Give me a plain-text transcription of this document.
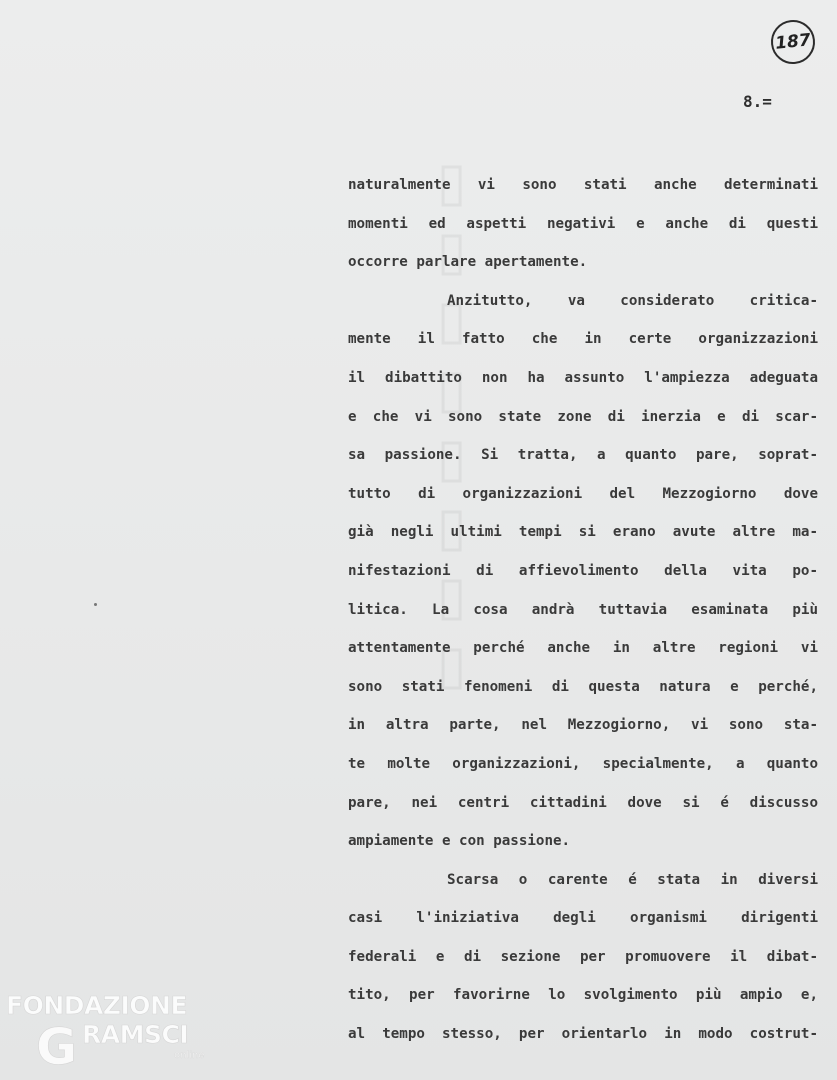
▯▯▯▯▯▯▯▯
187
8.=
naturalmente vi sono stati anche determinati
momenti ed aspetti negativi e anche di questi
occorre parlare apertamente.
Anzitutto, va considerato critica-
mente il fatto che in certe organizzazioni
il dibattito non ha assunto l'ampiezza adeguata
e che vi sono state zone di inerzia e di scar-
sa passione. Si tratta, a quanto pare, soprat-
tutto di organizzazioni del Mezzogiorno dove
già negli ultimi tempi si erano avute altre ma-
nifestazioni di affievolimento della vita po-
litica. La cosa andrà tuttavia esaminata più
attentamente perché anche in altre regioni vi
sono stati fenomeni di questa natura e perché,
in altra parte, nel Mezzogiorno, vi sono sta-
te molte organizzazioni, specialmente, a quanto
pare, nei centri cittadini dove si é discusso
ampiamente e con passione.
Scarsa o carente é stata in diversi
casi l'iniziativa degli organismi dirigenti
federali e di sezione per promuovere il dibat-
tito, per favorirne lo svolgimento più ampio e,
al tempo stesso, per orientarlo in modo costrut-
FONDAZIONE
G RAMSCI
online
